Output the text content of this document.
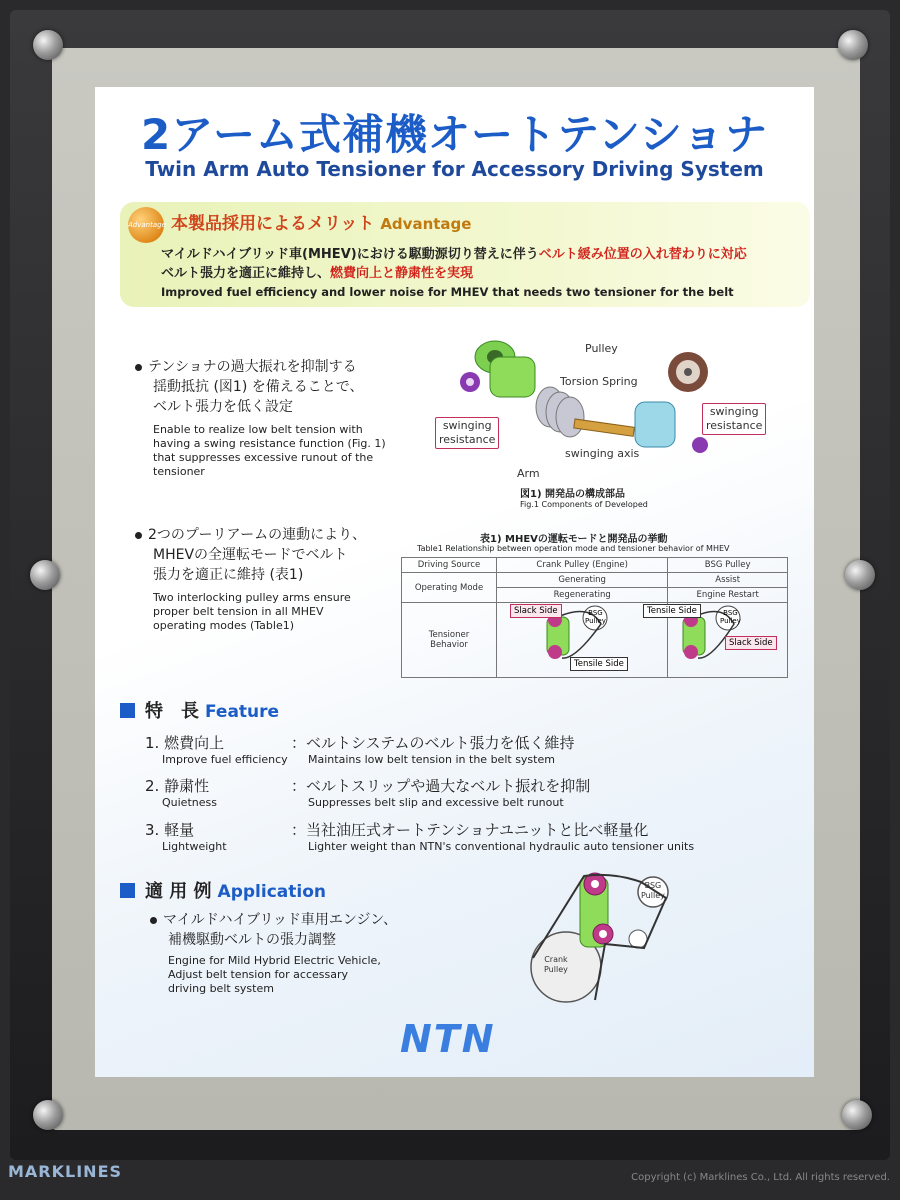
2アーム式補機オートテンショナ
Twin Arm Auto Tensioner for Accessory Driving System
Advantage 本製品採用によるメリット Advantage
マイルドハイブリッド車(MHEV)における駆動源切り替えに伴うベルト緩み位置の入れ替わりに対応
ベルト張力を適正に維持し、燃費向上と静粛性を実現
Improved fuel efficiency and lower noise for MHEV that needs two tensioner for the belt
テンショナの過大振れを抑制する
揺動抵抗 (図1) を備えることで、
ベルト張力を低く設定
Enable to realize low belt tension with
having a swing resistance function (Fig. 1)
that suppresses excessive runout of the
tensioner
Pulley
Torsion Spring
swinging
resistance
swinging
resistance
swinging axis
Arm
図1) 開発品の構成部品
Fig.1 Components of Developed
2つのプーリアームの連動により、
MHEVの全運転モードでベルト
張力を適正に維持 (表1)
Two interlocking pulley arms ensure
proper belt tension in all MHEV
operating modes (Table1)
表1) MHEVの運転モードと開発品の挙動
Table1 Relationship between operation mode and tensioner behavior of MHEV
Driving Source	Crank Pulley (Engine)	BSG Pulley
Operating Mode	Generating	Assist
	Regenerating	Engine Restart

Tensioner
Behavior		

BSG
Pulley
Slack Side
Tensile Side
BSG
Pulley
Tensile Side
Slack Side
特　長 Feature
1. 燃費向上
Improve fuel efficiency
：ベルトシステムのベルト張力を低く維持
Maintains low belt tension in the belt system
2. 静粛性
Quietness
：ベルトスリップや過大なベルト振れを抑制
Suppresses belt slip and excessive belt runout
3. 軽量
Lightweight
：当社油圧式オートテンショナユニットと比べ軽量化
Lighter weight than NTN's conventional hydraulic auto tensioner units
適 用 例 Application
マイルドハイブリッド車用エンジン、
補機駆動ベルトの張力調整
Engine for Mild Hybrid Electric Vehicle,
Adjust belt tension for accessary
driving belt system
Crank
Pulley
BSG
Pulley
NTN
MARKLINES	Copyright (c) Marklines Co., Ltd. All rights reserved.
